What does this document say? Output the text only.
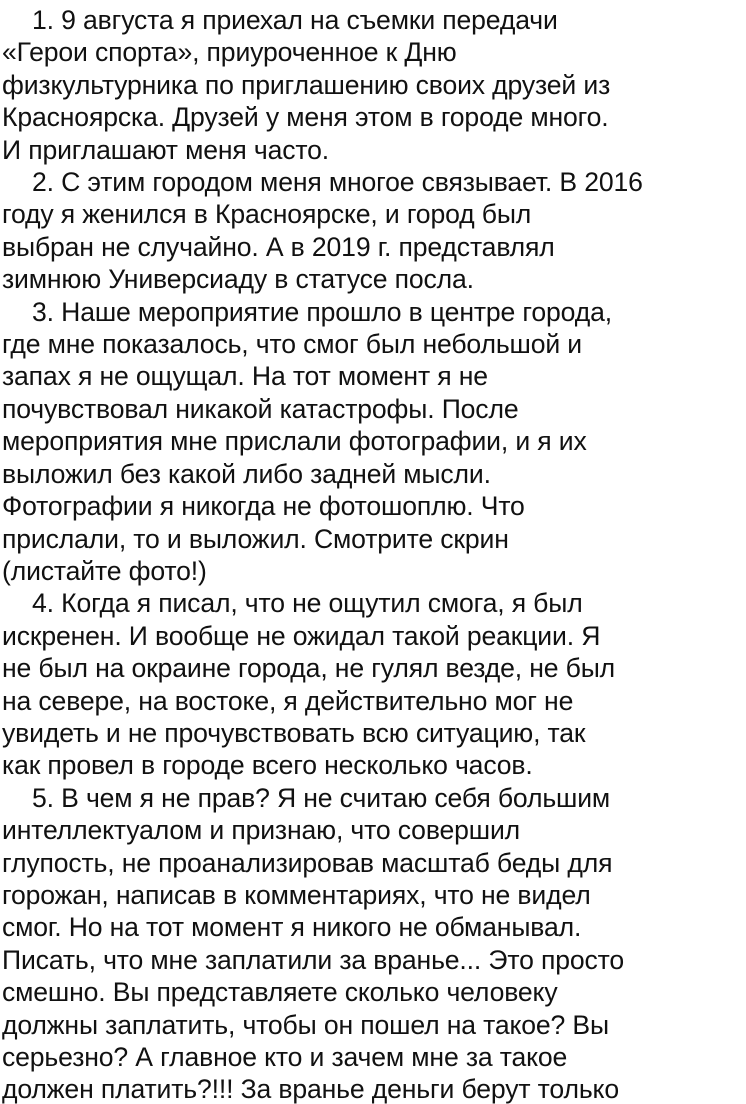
1. 9 августа я приехал на съемки передачи
«Герои спорта», приуроченное к Дню
физкультурника по приглашению своих друзей из
Красноярска. Друзей у меня этом в городе много.
И приглашают меня часто.
2. С этим городом меня многое связывает. В 2016
году я женился в Красноярске, и город был
выбран не случайно. А в 2019 г. представлял
зимнюю Универсиаду в статусе посла.
3. Наше мероприятие прошло в центре города,
где мне показалось, что смог был небольшой и
запах я не ощущал. На тот момент я не
почувствовал никакой катастрофы. После
мероприятия мне прислали фотографии, и я их
выложил без какой либо задней мысли.
Фотографии я никогда не фотошоплю. Что
прислали, то и выложил. Смотрите скрин
(листайте фото!)
4. Когда я писал, что не ощутил смога, я был
искренен. И вообще не ожидал такой реакции. Я
не был на окраине города, не гулял везде, не был
на севере, на востоке, я действительно мог не
увидеть и не прочувствовать всю ситуацию, так
как провел в городе всего несколько часов.
5. В чем я не прав? Я не считаю себя большим
интеллектуалом и признаю, что совершил
глупость, не проанализировав масштаб беды для
горожан, написав в комментариях, что не видел
смог. Но на тот момент я никого не обманывал.
Писать, что мне заплатили за вранье... Это просто
смешно. Вы представляете сколько человеку
должны заплатить, чтобы он пошел на такое? Вы
серьезно? А главное кто и зачем мне за такое
должен платить?!!! За вранье деньги берут только
